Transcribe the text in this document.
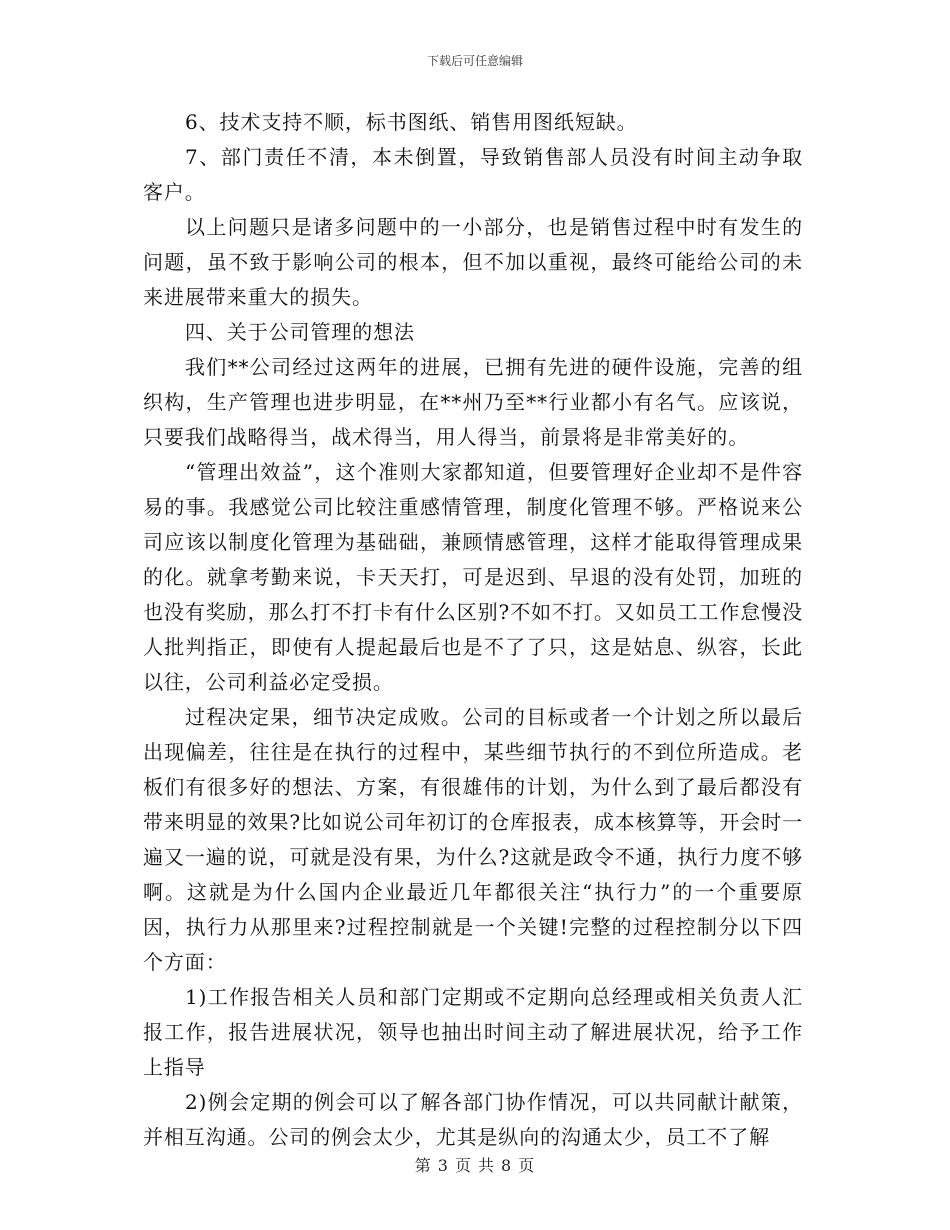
下载后可任意编辑

6、技术支持不顺，标书图纸、销售用图纸短缺。

7、部门责任不清，本未倒置，导致销售部人员没有时间主动争取客户。

以上问题只是诸多问题中的一小部分，也是销售过程中时有发生的问题，虽不致于影响公司的根本，但不加以重视，最终可能给公司的未来进展带来重大的损失。

四、关于公司管理的想法

我们**公司经过这两年的进展，已拥有先进的硬件设施，完善的组织构，生产管理也进步明显，在**州乃至**行业都小有名气。应该说，只要我们战略得当，战术得当，用人得当，前景将是非常美好的。

“管理出效益”，这个准则大家都知道，但要管理好企业却不是件容易的事。我感觉公司比较注重感情管理，制度化管理不够。严格说来公司应该以制度化管理为基础础，兼顾情感管理，这样才能取得管理成果的化。就拿考勤来说，卡天天打，可是迟到、早退的没有处罚，加班的也没有奖励，那么打不打卡有什么区别?不如不打。又如员工工作怠慢没人批判指正，即使有人提起最后也是不了了只，这是姑息、纵容，长此以往，公司利益必定受损。

过程决定果，细节决定成败。公司的目标或者一个计划之所以最后出现偏差，往往是在执行的过程中，某些细节执行的不到位所造成。老板们有很多好的想法、方案，有很雄伟的计划，为什么到了最后都没有带来明显的效果?比如说公司年初订的仓库报表，成本核算等，开会时一遍又一遍的说，可就是没有果，为什么?这就是政令不通，执行力度不够啊。这就是为什么国内企业最近几年都很关注“执行力”的一个重要原因，执行力从那里来?过程控制就是一个关键!完整的过程控制分以下四个方面：

1)工作报告相关人员和部门定期或不定期向总经理或相关负责人汇报工作，报告进展状况，领导也抽出时间主动了解进展状况，给予工作上指导

2)例会定期的例会可以了解各部门协作情况，可以共同献计献策，并相互沟通。公司的例会太少，尤其是纵向的沟通太少，员工不了解

第 3 页 共 8 页
